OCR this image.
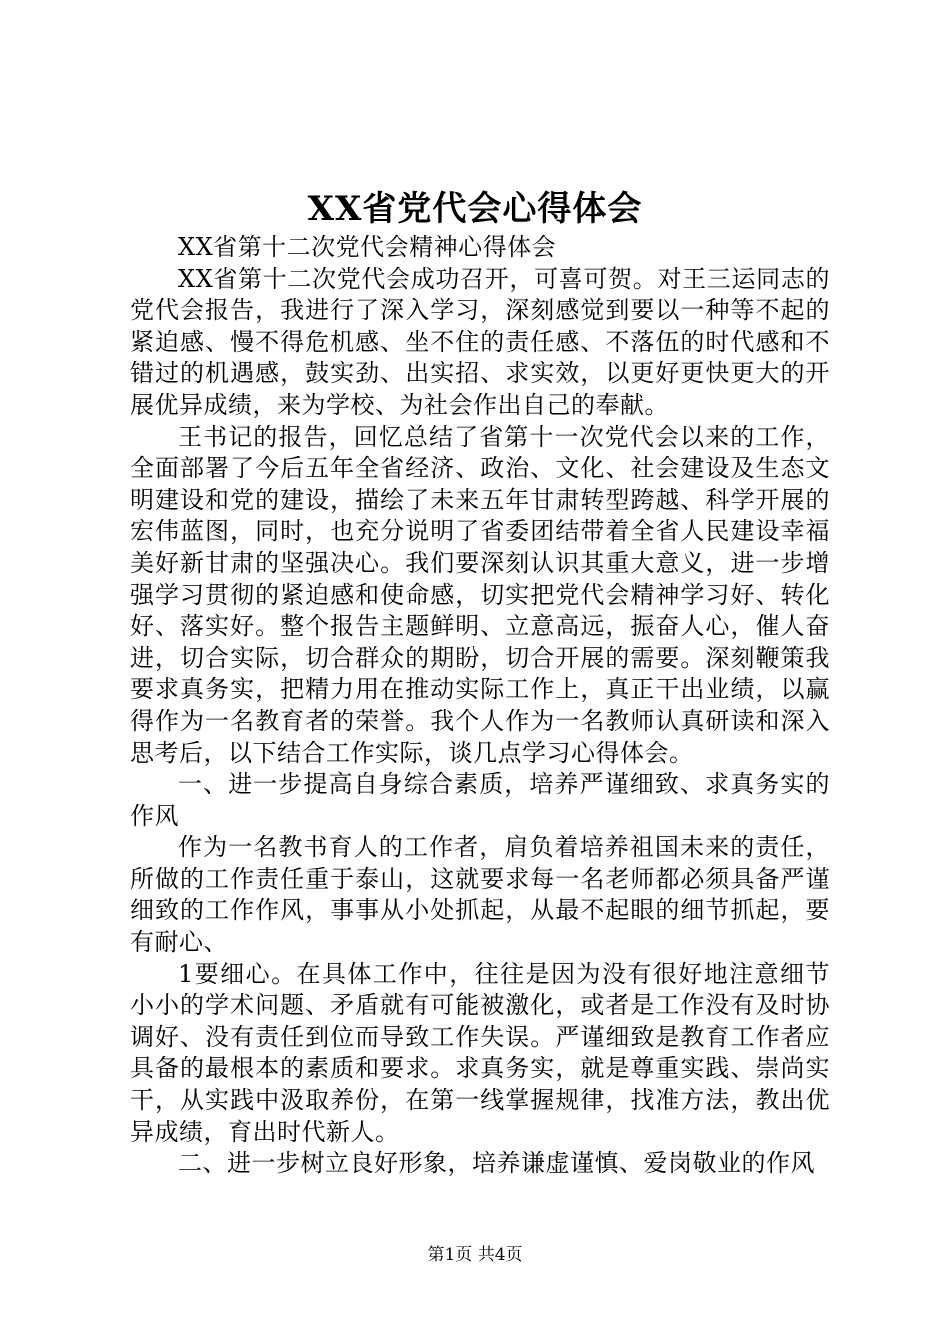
XX省党代会心得体会

XX省第十二次党代会精神心得体会

XX省第十二次党代会成功召开，可喜可贺。对王三运同志的党代会报告，我进行了深入学习，深刻感觉到要以一种等不起的紧迫感、慢不得危机感、坐不住的责任感、不落伍的时代感和不错过的机遇感，鼓实劲、出实招、求实效，以更好更快更大的开展优异成绩，来为学校、为社会作出自己的奉献。

王书记的报告，回忆总结了省第十一次党代会以来的工作，全面部署了今后五年全省经济、政治、文化、社会建设及生态文明建设和党的建设，描绘了未来五年甘肃转型跨越、科学开展的宏伟蓝图，同时，也充分说明了省委团结带着全省人民建设幸福美好新甘肃的坚强决心。我们要深刻认识其重大意义，进一步增强学习贯彻的紧迫感和使命感，切实把党代会精神学习好、转化好、落实好。整个报告主题鲜明、立意高远，振奋人心，催人奋进，切合实际，切合群众的期盼，切合开展的需要。深刻鞭策我要求真务实，把精力用在推动实际工作上，真正干出业绩，以赢得作为一名教育者的荣誉。我个人作为一名教师认真研读和深入思考后，以下结合工作实际，谈几点学习心得体会。

一、进一步提高自身综合素质，培养严谨细致、求真务实的作风

作为一名教书育人的工作者，肩负着培养祖国未来的责任，所做的工作责任重于泰山，这就要求每一名老师都必须具备严谨细致的工作作风，事事从小处抓起，从最不起眼的细节抓起，要有耐心、

1要细心。在具体工作中，往往是因为没有很好地注意细节小小的学术问题、矛盾就有可能被激化，或者是工作没有及时协调好、没有责任到位而导致工作失误。严谨细致是教育工作者应具备的最根本的素质和要求。求真务实，就是尊重实践、崇尚实干，从实践中汲取养份，在第一线掌握规律，找准方法，教出优异成绩，育出时代新人。

二、进一步树立良好形象，培养谦虚谨慎、爱岗敬业的作风

第1页 共4页
